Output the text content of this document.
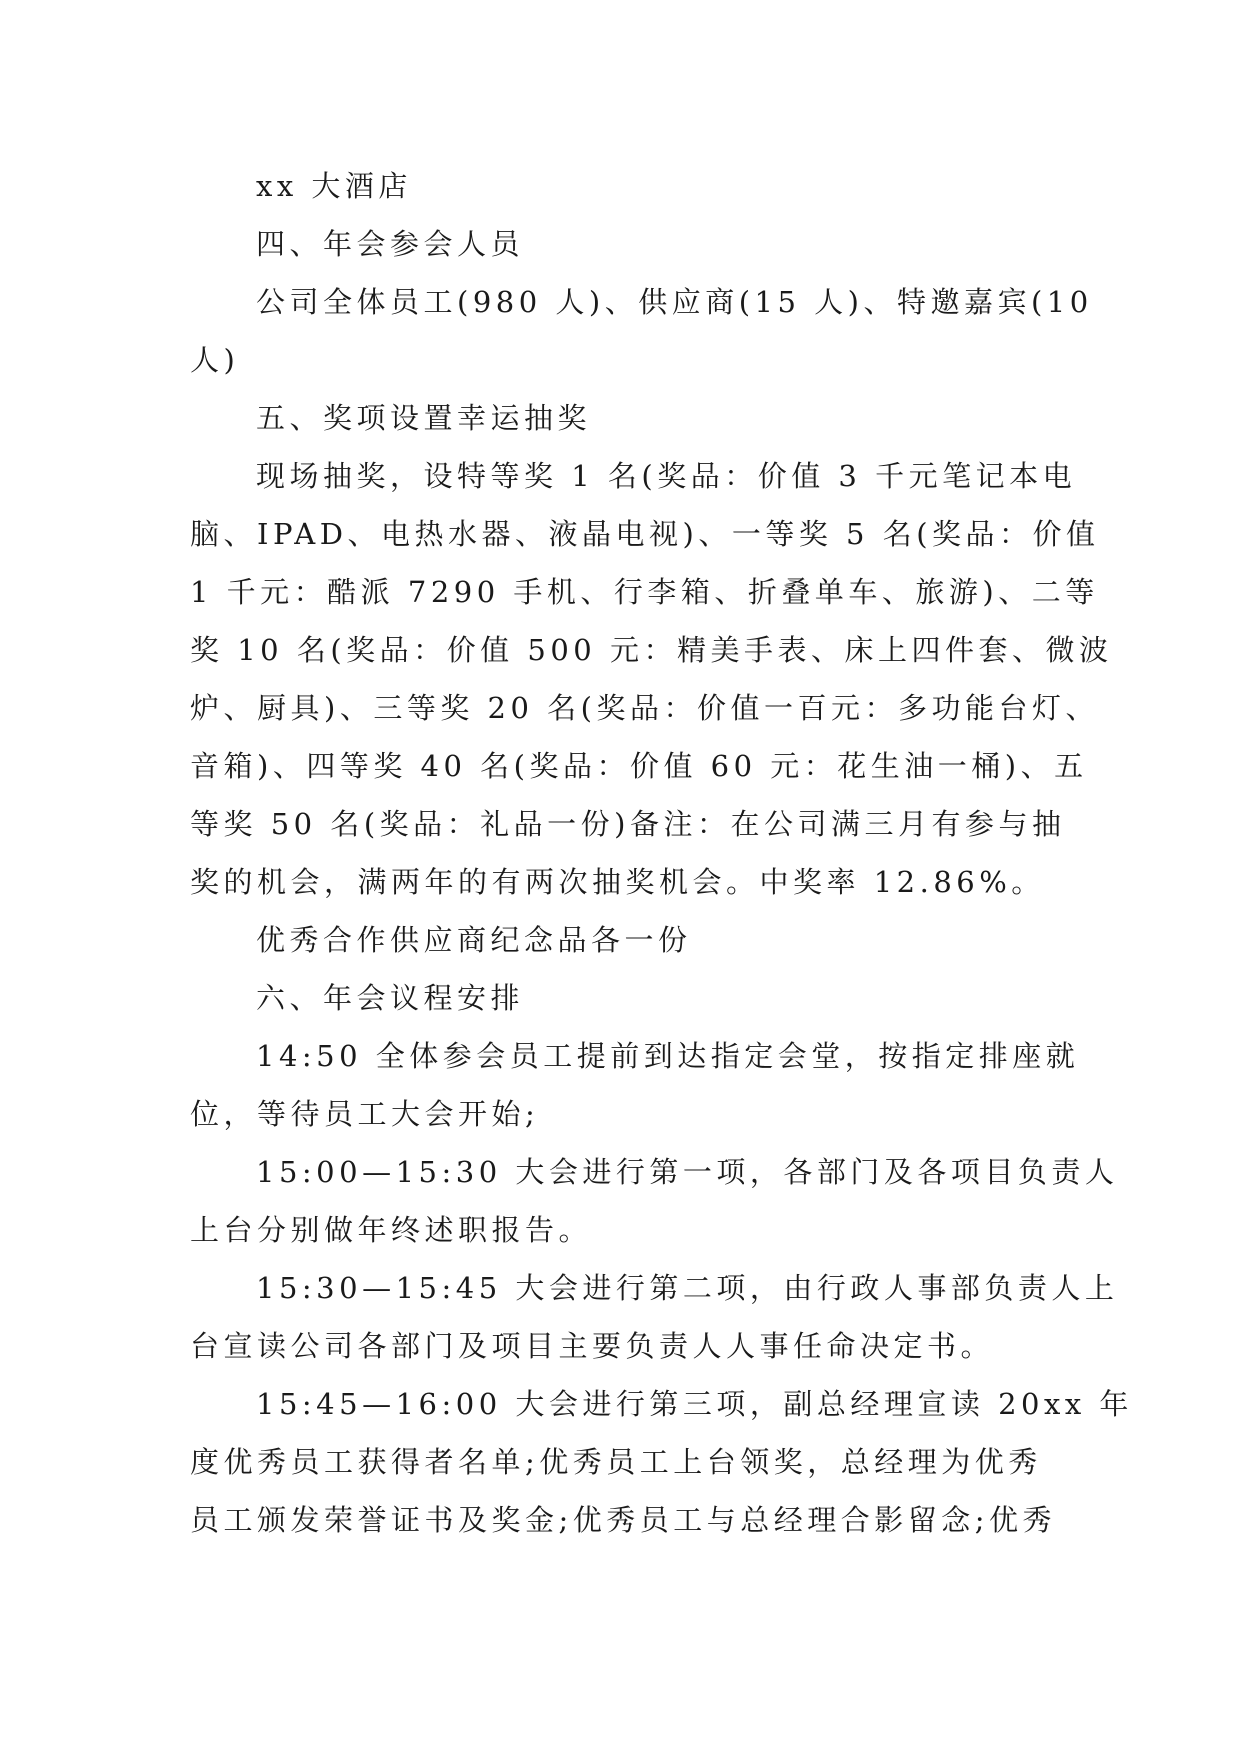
xx 大酒店
四、年会参会人员
公司全体员工(980 人)、供应商(15 人)、特邀嘉宾(10
人)
五、奖项设置幸运抽奖
现场抽奖，设特等奖 1 名(奖品：价值 3 千元笔记本电
脑、IPAD、电热水器、液晶电视)、一等奖 5 名(奖品：价值
1 千元：酷派 7290 手机、行李箱、折叠单车、旅游)、二等
奖 10 名(奖品：价值 500 元：精美手表、床上四件套、微波
炉、厨具)、三等奖 20 名(奖品：价值一百元：多功能台灯、
音箱)、四等奖 40 名(奖品：价值 60 元：花生油一桶)、五
等奖 50 名(奖品：礼品一份)备注：在公司满三月有参与抽
奖的机会，满两年的有两次抽奖机会。中奖率 12.86%。
优秀合作供应商纪念品各一份
六、年会议程安排
14:50 全体参会员工提前到达指定会堂，按指定排座就
位，等待员工大会开始;
15:00—15:30 大会进行第一项，各部门及各项目负责人
上台分别做年终述职报告。
15:30—15:45 大会进行第二项，由行政人事部负责人上
台宣读公司各部门及项目主要负责人人事任命决定书。
15:45—16:00 大会进行第三项，副总经理宣读 20xx 年
度优秀员工获得者名单;优秀员工上台领奖，总经理为优秀
员工颁发荣誉证书及奖金;优秀员工与总经理合影留念;优秀
